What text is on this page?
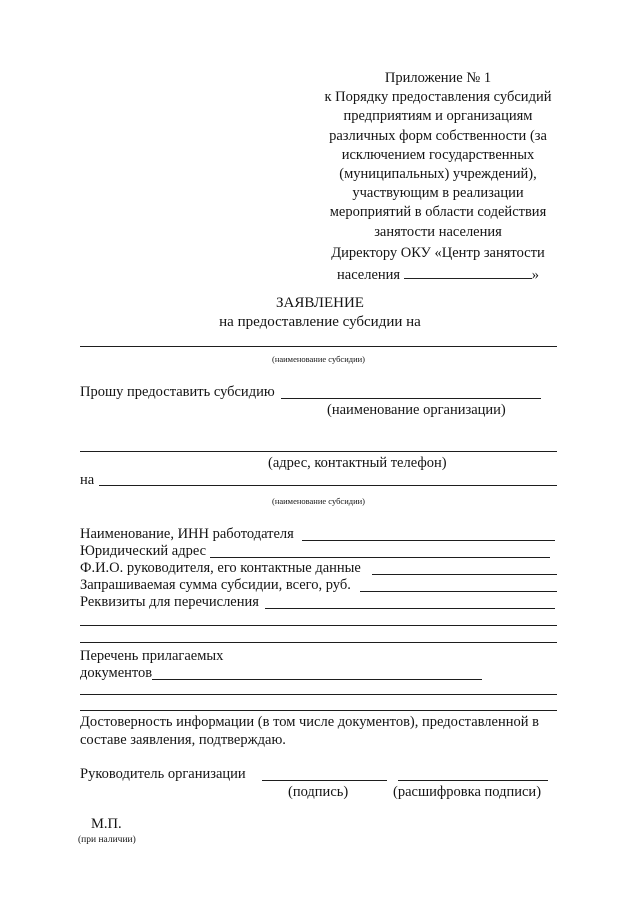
Приложение № 1
к Порядку предоставления субсидий
предприятиям и организациям
различных форм собственности (за
исключением государственных
(муниципальных) учреждений),
участвующим в реализации
мероприятий в области содействия
занятости населения
Директору ОКУ «Центр занятости
населения	»
ЗАЯВЛЕНИЕ
на предоставление субсидии на
(наименование субсидии)
Прошу предоставить субсидию
(наименование организации)
(адрес, контактный телефон)
на
(наименование субсидии)
Наименование, ИНН работодателя
Юридический адрес
Ф.И.О. руководителя, его контактные данные
Запрашиваемая сумма субсидии, всего, руб.
Реквизиты для перечисления
Перечень прилагаемых
документов
Достоверность информации (в том числе документов), предоставленной в
составе заявления, подтверждаю.
Руководитель организации
(подпись)	(расшифровка подписи)
М.П.
(при наличии)
